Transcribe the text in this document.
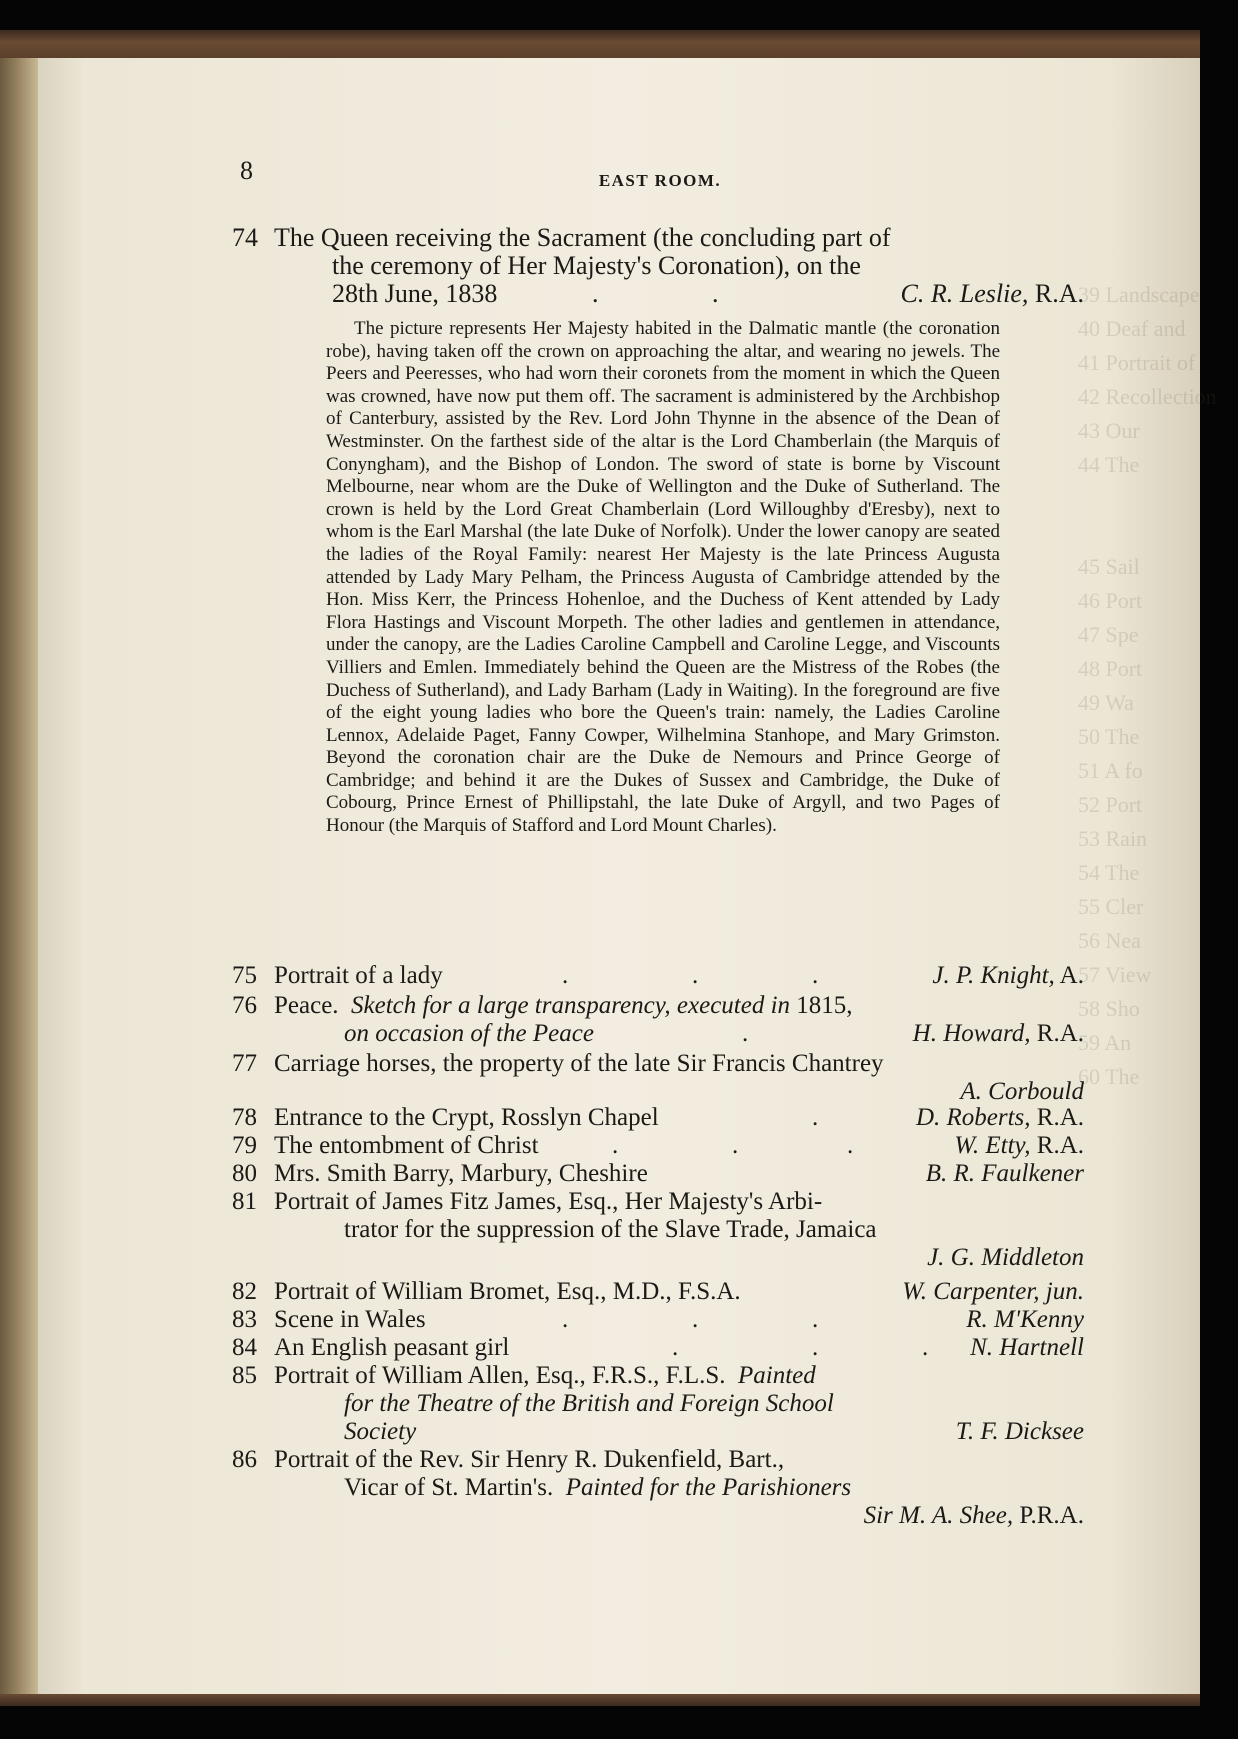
39 Landscape
40 Deaf and
41 Portrait of
42 Recollection
43 Our
44 The

45 Sail
46 Port
47 Spe
48 Port
49 Wa
50 The
51 A fo
52 Port
53 Rain
54 The
55 Cler
56 Nea
57 View
58 Sho
59 An
60 The
8	EAST ROOM.
74 The Queen receiving the Sacrament (the concluding part of
the ceremony of Her Majesty's Coronation), on the
28th June, 1838	.	.	C. R. Leslie, R.A.

The picture represents Her Majesty habited in the Dalmatic mantle (the coronation robe), having taken off the crown on approaching the altar, and wearing no jewels. The Peers and Peeresses, who had worn their coronets from the moment in which the Queen was crowned, have now put them off. The sacrament is administered by the Archbishop of Canterbury, assisted by the Rev. Lord John Thynne in the absence of the Dean of Westminster. On the farthest side of the altar is the Lord Chamberlain (the Marquis of Conyngham), and the Bishop of London. The sword of state is borne by Viscount Melbourne, near whom are the Duke of Wellington and the Duke of Sutherland. The crown is held by the Lord Great Chamberlain (Lord Willoughby d'Eresby), next to whom is the Earl Marshal (the late Duke of Norfolk). Under the lower canopy are seated the ladies of the Royal Family: nearest Her Majesty is the late Princess Augusta attended by Lady Mary Pelham, the Princess Augusta of Cambridge attended by the Hon. Miss Kerr, the Princess Hohenloe, and the Duchess of Kent attended by Lady Flora Hastings and Viscount Morpeth. The other ladies and gentlemen in attendance, under the canopy, are the Ladies Caroline Campbell and Caroline Legge, and Viscounts Villiers and Emlen. Immediately behind the Queen are the Mistress of the Robes (the Duchess of Sutherland), and Lady Barham (Lady in Waiting). In the foreground are five of the eight young ladies who bore the Queen's train: namely, the Ladies Caroline Lennox, Adelaide Paget, Fanny Cowper, Wilhelmina Stanhope, and Mary Grimston. Beyond the coronation chair are the Duke de Nemours and Prince George of Cambridge; and behind it are the Dukes of Sussex and Cambridge, the Duke of Cobourg, Prince Ernest of Phillipstahl, the late Duke of Argyll, and two Pages of Honour (the Marquis of Stafford and Lord Mount Charles).

75 Portrait of a lady	.	.	.	J. P. Knight, A.
76 Peace. Sketch for a large transparency, executed in 1815,
on occasion of the Peace	.	H. Howard, R.A.
77 Carriage horses, the property of the late Sir Francis Chantrey
A. Corbould
78 Entrance to the Crypt, Rosslyn Chapel	.	D. Roberts, R.A.
79 The entombment of Christ	.	.	.	W. Etty, R.A.
80 Mrs. Smith Barry, Marbury, Cheshire	B. R. Faulkener
81 Portrait of James Fitz James, Esq., Her Majesty's Arbi-
trator for the suppression of the Slave Trade, Jamaica
J. G. Middleton
82 Portrait of William Bromet, Esq., M.D., F.S.A.	W. Carpenter, jun.
83 Scene in Wales	.	.	.	R. M'Kenny
84 An English peasant girl	.	.	. N. Hartnell
85 Portrait of William Allen, Esq., F.R.S., F.L.S. Painted
for the Theatre of the British and Foreign School
Society	T. F. Dicksee
86 Portrait of the Rev. Sir Henry R. Dukenfield, Bart.,
Vicar of St. Martin's. Painted for the Parishioners
Sir M. A. Shee, P.R.A.
